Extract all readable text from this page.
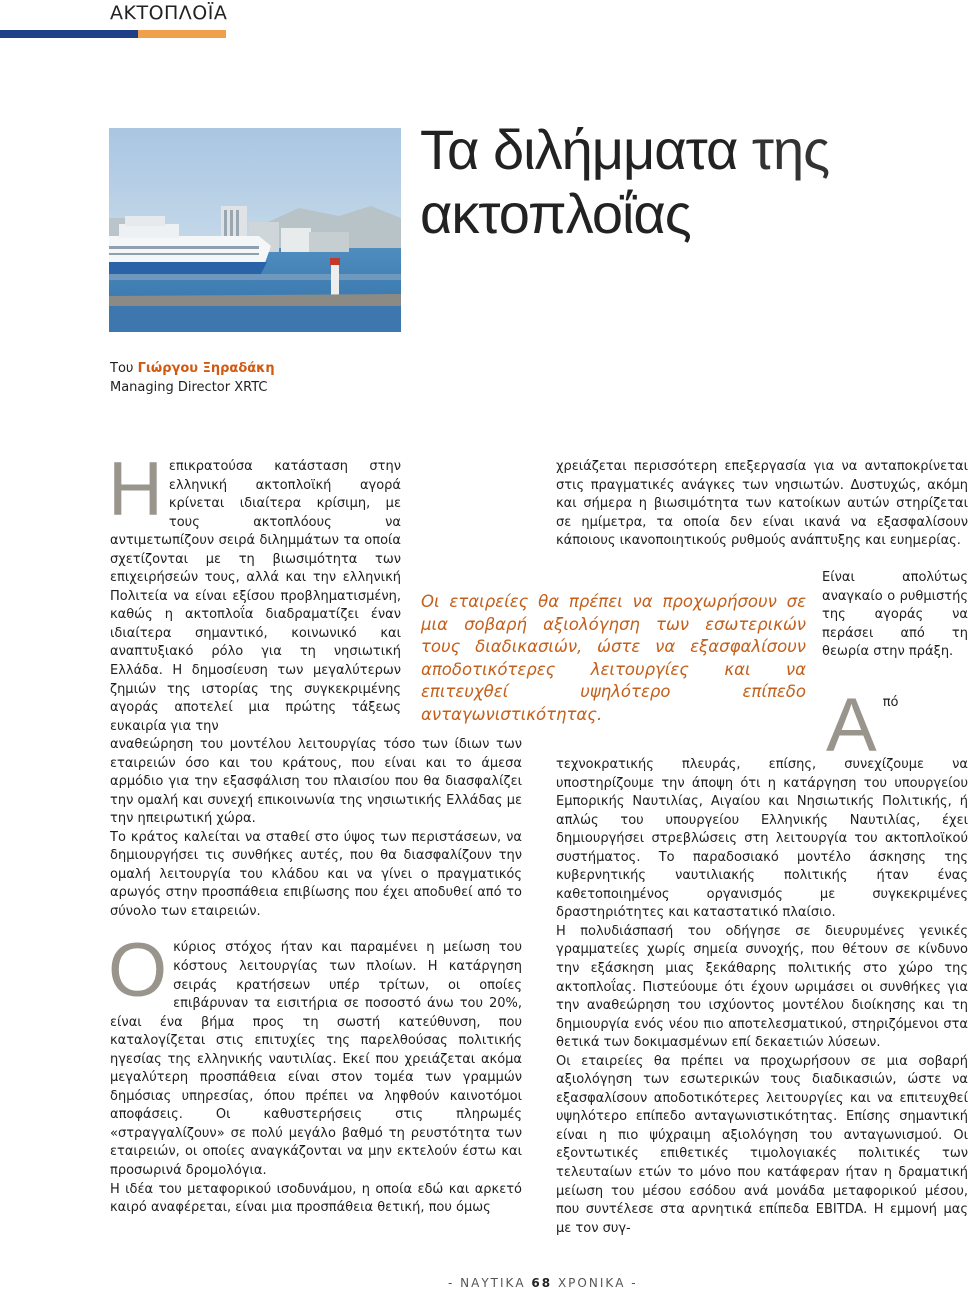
ΑΚΤΟΠΛΟΪΑ
Τα διλήμματα της
ακτοπλοΐας
Του Γιώργου Ξηραδάκη
Managing Director XRTC

Ηεπικρατούσα κατάσταση στην ελληνική ακτοπλοϊκή αγορά κρίνεται ιδιαίτερα κρίσιμη, με τους ακτοπλόους να αντιμετωπίζουν σειρά διλημμάτων τα οποία σχετίζονται με τη βιωσιμότητα των επιχειρήσεών τους, αλλά και την ελληνική Πολιτεία να είναι εξίσου προβληματισμένη, καθώς η ακτοπλοΐα διαδραματίζει έναν ιδιαίτερα σημαντικό, κοινωνικό και αναπτυξιακό ρόλο για τη νησιωτική Ελλάδα. Η δημοσίευση των μεγαλύτερων ζημιών της ιστορίας της συγκεκριμένης αγοράς αποτελεί μια πρώτης τάξεως ευκαιρία για την

αναθεώρηση του μοντέλου λειτουργίας τόσο των ίδιων των εταιρειών όσο και του κράτους, που είναι και το άμεσα αρμόδιο για την εξασφάλιση του πλαισίου που θα διασφαλίζει την ομαλή και συνεχή επικοινωνία της νησιωτικής Ελλάδας με την ηπειρωτική χώρα.

Το κράτος καλείται να σταθεί στο ύψος των περιστάσεων, να δημιουργήσει τις συνθήκες αυτές, που θα διασφαλίζουν την ομαλή λειτουργία του κλάδου και να γίνει ο πραγματικός αρωγός στην προσπάθεια επιβίωσης που έχει αποδυθεί από το σύνολο των εταιρειών.

Οκύριος στόχος ήταν και παραμένει η μείωση του κόστους λειτουργίας των πλοίων. Η κατάργηση σειράς κρατήσεων υπέρ τρίτων, οι οποίες επιβάρυναν τα εισιτήρια σε ποσοστό άνω του 20%, είναι ένα βήμα προς τη σωστή κατεύθυνση, που καταλογίζεται στις επιτυχίες της παρελθούσας πολιτικής ηγεσίας της ελληνικής ναυτιλίας. Εκεί που χρειάζεται ακόμα μεγαλύτερη προσπάθεια είναι στον τομέα των γραμμών δημόσιας υπηρεσίας, όπου πρέπει να ληφθούν καινοτόμοι αποφάσεις. Οι καθυστερήσεις στις πληρωμές «στραγγαλίζουν» σε πολύ μεγάλο βαθμό τη ρευστότητα των εταιρειών, οι οποίες αναγκάζονται να μην εκτελούν έστω και προσωρινά δρομολόγια.

Η ιδέα του μεταφορικού ισοδυνάμου, η οποία εδώ και αρκετό καιρό αναφέρεται, είναι μια προσπάθεια θετική, που όμως

χρειάζεται περισσότερη επεξεργασία για να ανταποκρίνεται στις πραγματικές ανάγκες των νησιωτών. Δυστυχώς, ακόμη και σήμερα η βιωσιμότητα των κατοίκων αυτών στηρίζεται σε ημίμετρα, τα οποία δεν είναι ικανά να εξασφαλίσουν κάποιους ικανοποιητικούς ρυθμούς ανάπτυξης και ευημερίας.

Είναι απολύτως αναγκαίο ο ρυθμιστής της αγοράς να περάσει από τη θεωρία στην πράξη.
Οι εταιρείες θα πρέπει να προχωρήσουν σε μια σοβαρή αξιολόγηση των εσωτερικών τους διαδικασιών, ώστε να εξασφαλίσουν αποδοτικότερες λειτουργίες και να επιτευχθεί υψηλότερο επίπεδο ανταγωνιστικότητας.	Από τεχνοκρατικής πλευράς, επίσης, συνεχίζουμε να υποστηρίζουμε την άποψη ότι η κατάργηση του υπουργείου Εμπορικής Ναυτιλίας, Αιγαίου και Νησιωτικής Πολιτικής, ή απλώς του υπουργείου Ελληνικής Ναυτιλίας, έχει δημιουργήσει στρεβλώσεις στη λειτουργία του ακτοπλοϊκού συστήματος. Το παραδοσιακό μοντέλο άσκησης της κυβερνητικής ναυτιλιακής πολιτικής ήταν ένας καθετοποιημένος οργανισμός με συγκεκριμένες δραστηριότητες και καταστατικό πλαίσιο.

Η πολυδιάσπασή του οδήγησε σε διευρυμένες γενικές γραμματείες χωρίς σημεία συνοχής, που θέτουν σε κίνδυνο την εξάσκηση μιας ξεκάθαρης πολιτικής στο χώρο της ακτοπλοΐας. Πιστεύουμε ότι έχουν ωριμάσει οι συνθήκες για την αναθεώρηση του ισχύοντος μοντέλου διοίκησης και τη δημιουργία ενός νέου πιο αποτελεσματικού, στηριζόμενοι στα θετικά των δοκιμασμένων επί δεκαετιών λύσεων.

Οι εταιρείες θα πρέπει να προχωρήσουν σε μια σοβαρή αξιολόγηση των εσωτερικών τους διαδικασιών, ώστε να εξασφαλίσουν αποδοτικότερες λειτουργίες και να επιτευχθεί υψηλότερο επίπεδο ανταγωνιστικότητας. Επίσης σημαντική είναι η πιο ψύχραιμη αξιολόγηση του ανταγωνισμού. Οι εξοντωτικές επιθετικές τιμολογιακές πολιτικές των τελευταίων ετών το μόνο που κατάφεραν ήταν η δραματική μείωση του μέσου εσόδου ανά μονάδα μεταφορικού μέσου, που συντέλεσε στα αρνητικά επίπεδα EBITDA. Η εμμονή μας με τον συγ-

- ΝΑΥΤΙΚΑ 68 ΧΡΟΝΙΚΑ -
